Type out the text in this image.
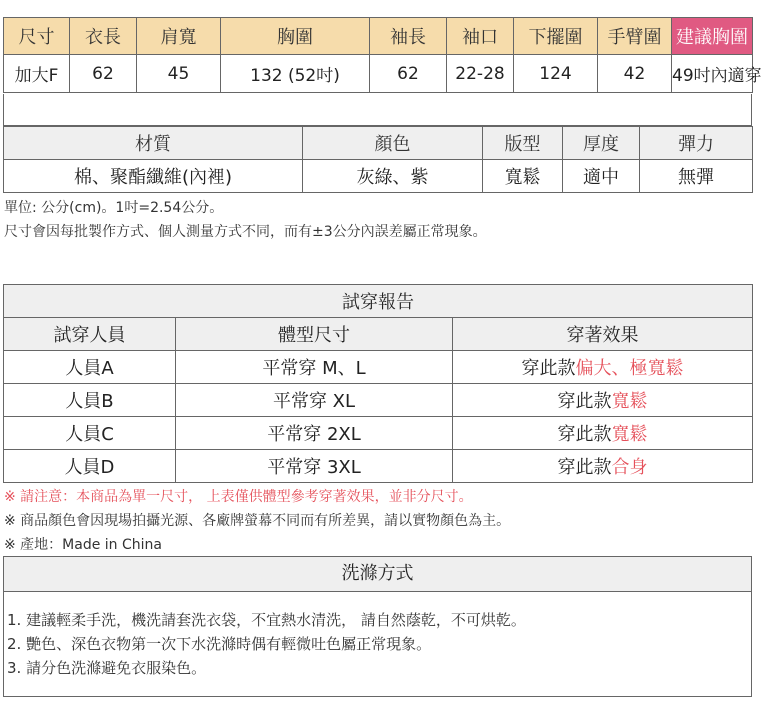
尺寸	衣長	肩寬	胸圍	袖長	袖口	下擺圍	手臂圍	建議胸圍
加大F	62	45	132 (52吋)	62	22-28	124	42	49吋內適穿
材質	顏色	版型	厚度	彈力
棉、聚酯纖維(內裡)	灰綠、紫	寬鬆	適中	無彈
單位: 公分(cm)。1吋=2.54公分。
尺寸會因每批製作方式、個人測量方式不同，而有±3公分內誤差屬正常現象。
試穿報告		
試穿人員	體型尺寸	穿著效果
人員A	平常穿 M、L	穿此款偏大、極寬鬆
人員B	平常穿 XL	穿此款寬鬆
人員C	平常穿 2XL	穿此款寬鬆
人員D	平常穿 3XL	穿此款合身
※ 請注意：本商品為單一尺寸， 上表僅供體型參考穿著效果，並非分尺寸。
※ 商品顏色會因現場拍攝光源、各廠牌螢幕不同而有所差異，請以實物顏色為主。
※ 產地：Made in China
洗滌方式
1. 建議輕柔手洗，機洗請套洗衣袋，不宜熱水清洗， 請自然蔭乾，不可烘乾。
2. 艷色、深色衣物第一次下水洗滌時偶有輕微吐色屬正常現象。
3. 請分色洗滌避免衣服染色。
